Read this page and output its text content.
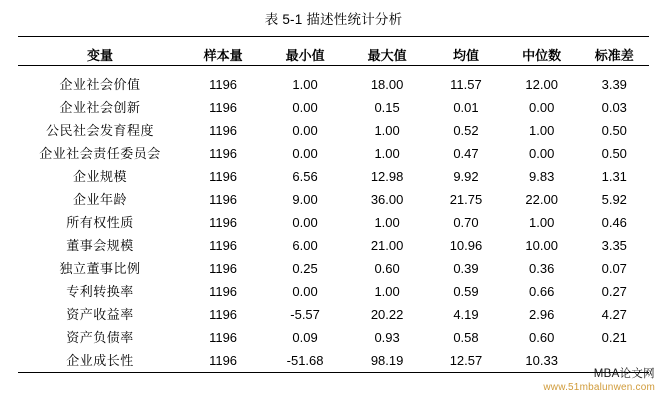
表 5-1 描述性统计分析

变量	样本量	最小值	最大值	均值	中位数	标准差

企业社会价值	1196	1.00	18.00	11.57	12.00	3.39
企业社会创新	1196	0.00	0.15	0.01	0.00	0.03
公民社会发育程度	1196	0.00	1.00	0.52	1.00	0.50
企业社会责任委员会	1196	0.00	1.00	0.47	0.00	0.50
企业规模	1196	6.56	12.98	9.92	9.83	1.31
企业年龄	1196	9.00	36.00	21.75	22.00	5.92
所有权性质	1196	0.00	1.00	0.70	1.00	0.46
董事会规模	1196	6.00	21.00	10.96	10.00	3.35
独立董事比例	1196	0.25	0.60	0.39	0.36	0.07
专利转换率	1196	0.00	1.00	0.59	0.66	0.27
资产收益率	1196	-5.57	20.22	4.19	2.96	4.27
资产负债率	1196	0.09	0.93	0.58	0.60	0.21
企业成长性	1196	-51.68	98.19	12.57	10.33	

MBA论文网
www.51mbalunwen.com
